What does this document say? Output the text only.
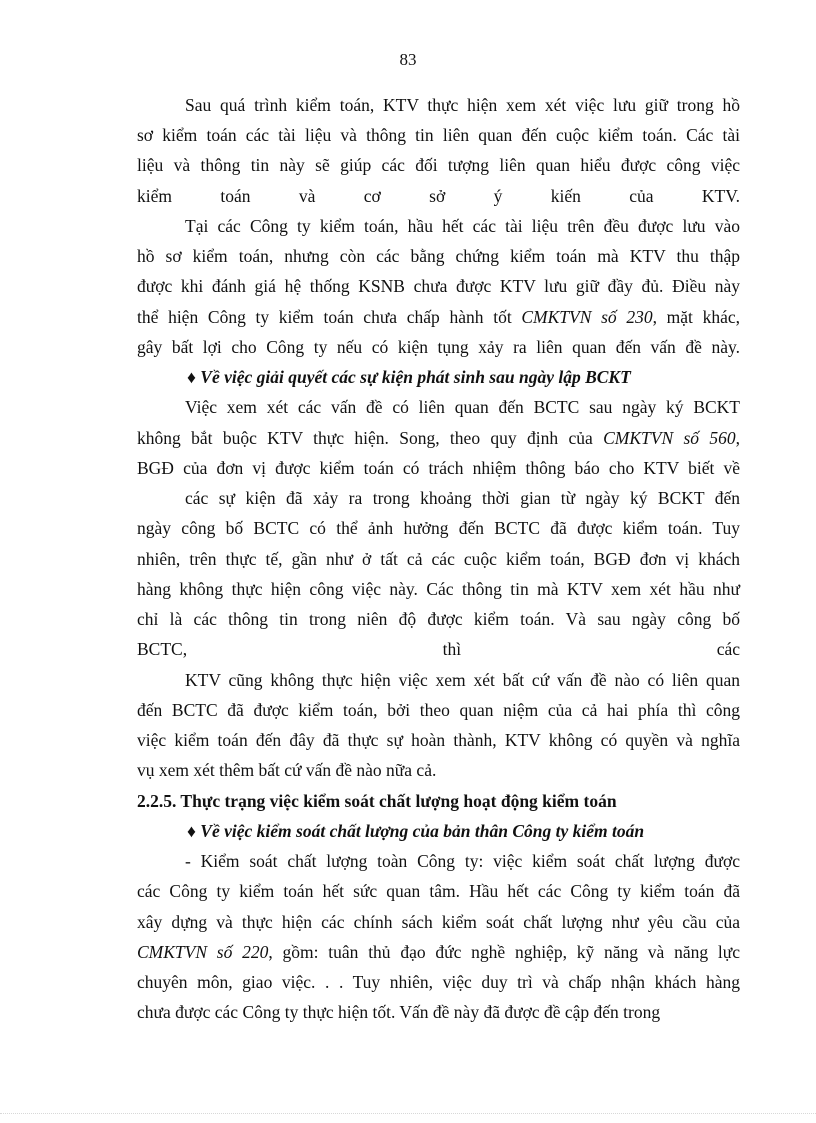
83
Sau quá trình kiểm toán, KTV thực hiện xem xét việc lưu giữ trong hồ
sơ kiểm toán các tài liệu và thông tin liên quan đến cuộc kiểm toán. Các tài
liệu và thông tin này sẽ giúp các đối tượng liên quan hiểu được công việc
kiểm toán và cơ sở ý kiến của KTV.
Tại các Công ty kiểm toán, hầu hết các tài liệu trên đều được lưu vào
hồ sơ kiểm toán, nhưng còn các bằng chứng kiểm toán mà KTV thu thập
được khi đánh giá hệ thống KSNB chưa được KTV lưu giữ đầy đủ. Điều này
thể hiện Công ty kiểm toán chưa chấp hành tốt CMKTVN số 230, mặt khác,
gây bất lợi cho Công ty nếu có kiện tụng xảy ra liên quan đến vấn đề này.
♦ Về việc giải quyết các sự kiện phát sinh sau ngày lập BCKT
Việc xem xét các vấn đề có liên quan đến BCTC sau ngày ký BCKT
không bắt buộc KTV thực hiện. Song, theo quy định của CMKTVN số 560,
BGĐ của đơn vị được kiểm toán có trách nhiệm thông báo cho KTV biết về
các sự kiện đã xảy ra trong khoảng thời gian từ ngày ký BCKT đến
ngày công bố BCTC có thể ảnh hưởng đến BCTC đã được kiểm toán. Tuy
nhiên, trên thực tế, gần như ở tất cả các cuộc kiểm toán, BGĐ đơn vị khách
hàng không thực hiện công việc này. Các thông tin mà KTV xem xét hầu như
chỉ là các thông tin trong niên độ được kiểm toán. Và sau ngày công bố
BCTC, thì các
KTV cũng không thực hiện việc xem xét bất cứ vấn đề nào có liên quan
đến BCTC đã được kiểm toán, bởi theo quan niệm của cả hai phía thì công
việc kiểm toán đến đây đã thực sự hoàn thành, KTV không có quyền và nghĩa
vụ xem xét thêm bất cứ vấn đề nào nữa cả.
2.2.5. Thực trạng việc kiểm soát chất lượng hoạt động kiểm toán
♦ Về việc kiểm soát chất lượng của bản thân Công ty kiểm toán
- Kiểm soát chất lượng toàn Công ty: việc kiểm soát chất lượng được
các Công ty kiểm toán hết sức quan tâm. Hầu hết các Công ty kiểm toán đã
xây dựng và thực hiện các chính sách kiểm soát chất lượng như yêu cầu của
CMKTVN số 220, gồm: tuân thủ đạo đức nghề nghiệp, kỹ năng và năng lực
chuyên môn, giao việc. . . Tuy nhiên, việc duy trì và chấp nhận khách hàng
chưa được các Công ty thực hiện tốt. Vấn đề này đã được đề cập đến trong
